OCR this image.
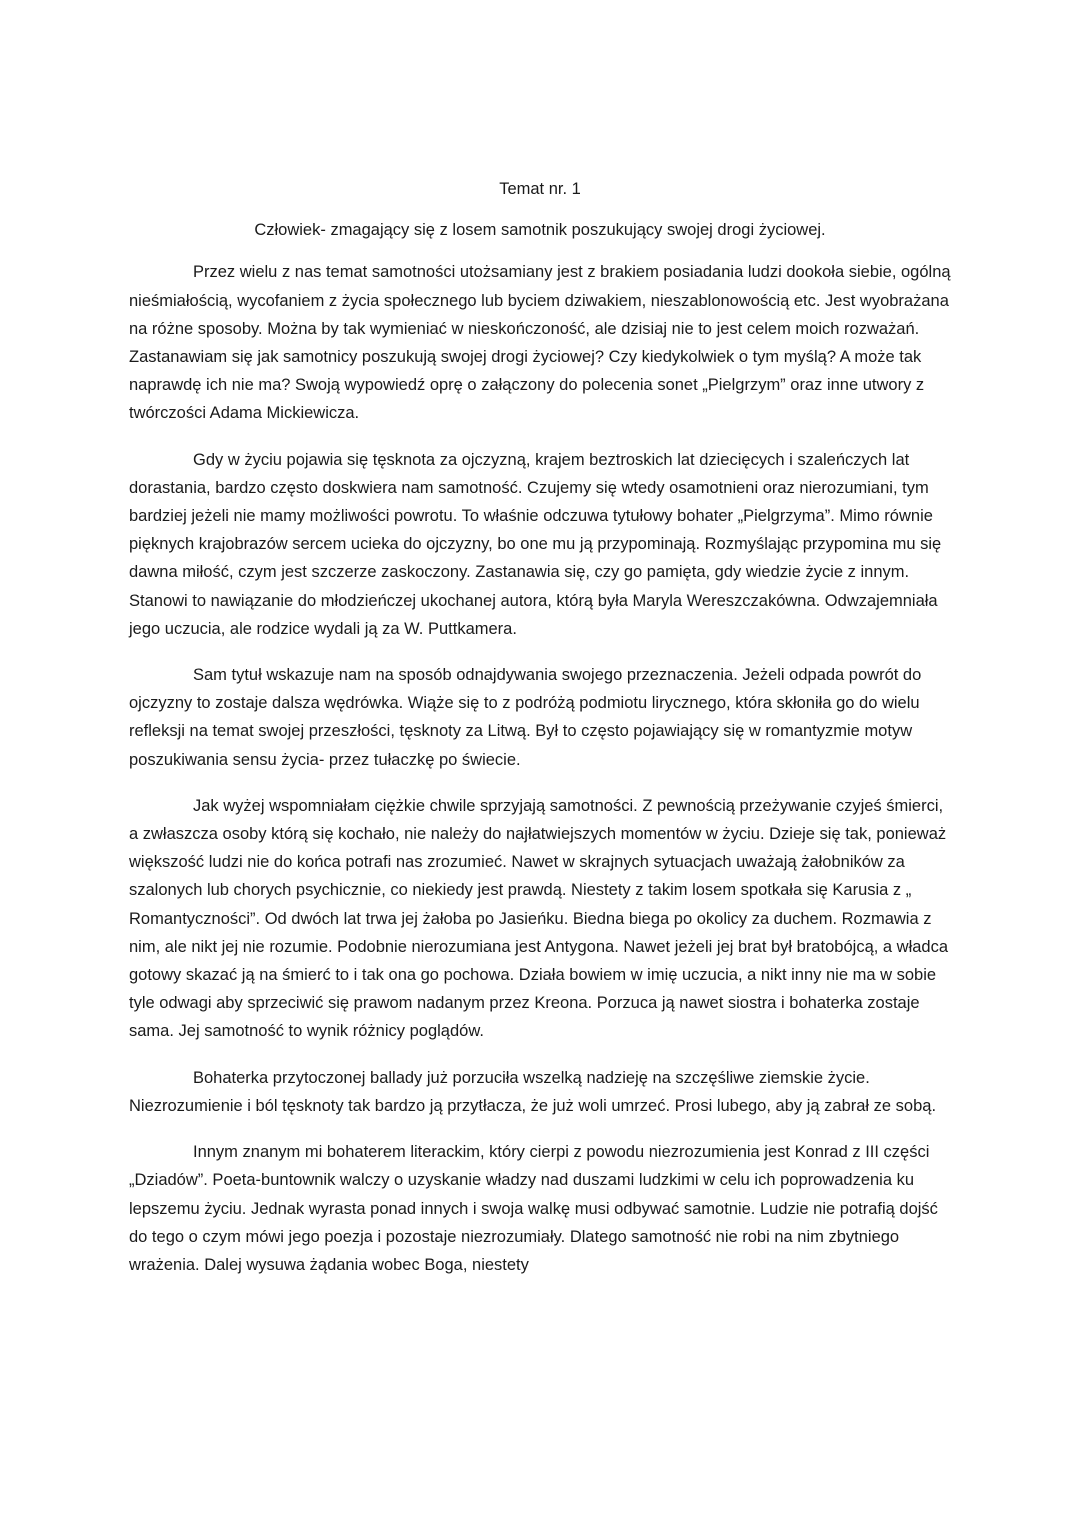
Temat nr. 1

Człowiek- zmagający się z losem samotnik poszukujący swojej drogi życiowej.

Przez wielu z nas temat samotności utożsamiany jest z brakiem posiadania ludzi dookoła siebie, ogólną nieśmiałością, wycofaniem z życia społecznego lub byciem dziwakiem, nieszablonowością etc. Jest wyobrażana na różne sposoby. Można by tak wymieniać w nieskończoność, ale dzisiaj nie to jest celem moich rozważań. Zastanawiam się jak samotnicy poszukują swojej drogi życiowej? Czy kiedykolwiek o tym myślą? A może tak naprawdę ich nie ma? Swoją wypowiedź oprę o załączony do polecenia sonet „Pielgrzym” oraz inne utwory z twórczości Adama Mickiewicza.

Gdy w życiu pojawia się tęsknota za ojczyzną, krajem beztroskich lat dziecięcych i szaleńczych lat dorastania, bardzo często doskwiera nam samotność. Czujemy się wtedy osamotnieni oraz nierozumiani, tym bardziej jeżeli nie mamy możliwości powrotu. To właśnie odczuwa tytułowy bohater „Pielgrzyma”. Mimo równie pięknych krajobrazów sercem ucieka do ojczyzny, bo one mu ją przypominają. Rozmyślając przypomina mu się dawna miłość, czym jest szczerze zaskoczony. Zastanawia się, czy go pamięta, gdy wiedzie życie z innym. Stanowi to nawiązanie do młodzieńczej ukochanej autora, którą była Maryla Wereszczakówna. Odwzajemniała jego uczucia, ale rodzice wydali ją za W. Puttkamera.

Sam tytuł wskazuje nam na sposób odnajdywania swojego przeznaczenia. Jeżeli odpada powrót do ojczyzny to zostaje dalsza wędrówka. Wiąże się to z podróżą podmiotu lirycznego, która skłoniła go do wielu refleksji na temat swojej przeszłości, tęsknoty za Litwą. Był to często pojawiający się w romantyzmie motyw poszukiwania sensu życia- przez tułaczkę po świecie.

Jak wyżej wspomniałam ciężkie chwile sprzyjają samotności. Z pewnością przeżywanie czyjeś śmierci, a zwłaszcza osoby którą się kochało, nie należy do najłatwiejszych momentów w życiu. Dzieje się tak, ponieważ większość ludzi nie do końca potrafi nas zrozumieć. Nawet w skrajnych sytuacjach uważają żałobników za szalonych lub chorych psychicznie, co niekiedy jest prawdą. Niestety z takim losem spotkała się Karusia z „ Romantyczności”. Od dwóch lat trwa jej żałoba po Jasieńku. Biedna biega po okolicy za duchem. Rozmawia z nim, ale nikt jej nie rozumie. Podobnie nierozumiana jest Antygona. Nawet jeżeli jej brat był bratobójcą, a władca gotowy skazać ją na śmierć to i tak ona go pochowa. Działa bowiem w imię uczucia, a nikt inny nie ma w sobie tyle odwagi aby sprzeciwić się prawom nadanym przez Kreona. Porzuca ją nawet siostra i bohaterka zostaje sama. Jej samotność to wynik różnicy poglądów.

Bohaterka przytoczonej ballady już porzuciła wszelką nadzieję na szczęśliwe ziemskie życie. Niezrozumienie i ból tęsknoty tak bardzo ją przytłacza, że już woli umrzeć. Prosi lubego, aby ją zabrał ze sobą.

Innym znanym mi bohaterem literackim, który cierpi z powodu niezrozumienia jest Konrad z III części „Dziadów”. Poeta-buntownik walczy o uzyskanie władzy nad duszami ludzkimi w celu ich poprowadzenia ku lepszemu życiu. Jednak wyrasta ponad innych i swoja walkę musi odbywać samotnie. Ludzie nie potrafią dojść do tego o czym mówi jego poezja i pozostaje niezrozumiały. Dlatego samotność nie robi na nim zbytniego wrażenia. Dalej wysuwa żądania wobec Boga, niestety
